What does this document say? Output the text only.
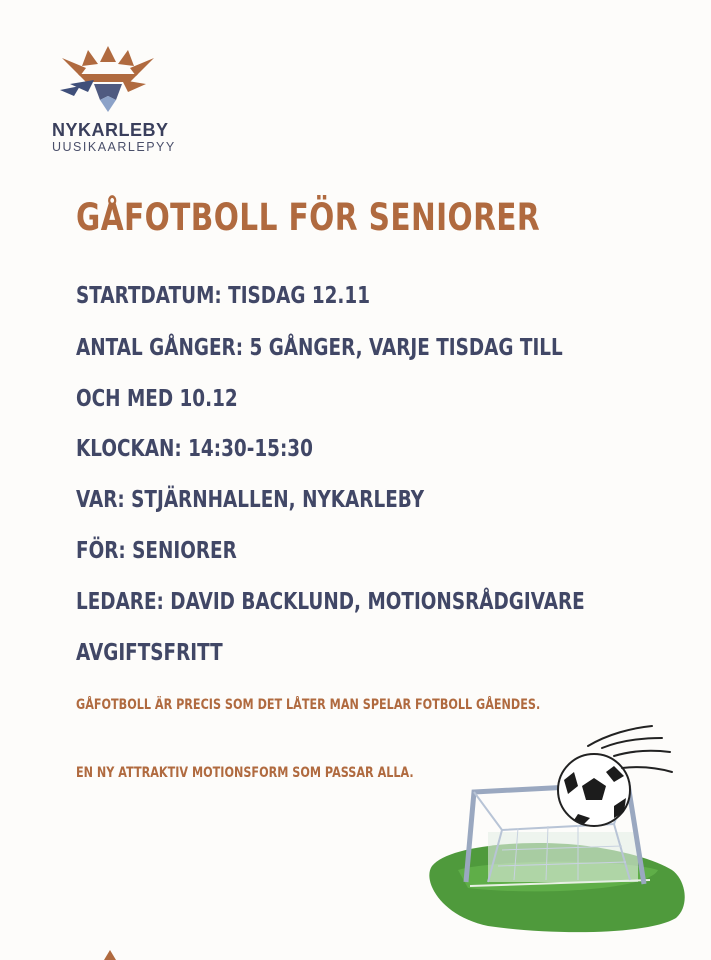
NYKARLEBY
UUSIKAARLEPYY
GÅFOTBOLL FÖR SENIORER

STARTDATUM: TISDAG 12.11

ANTAL GÅNGER: 5 GÅNGER, VARJE TISDAG TILL

OCH MED 10.12

KLOCKAN: 14:30-15:30

VAR: STJÄRNHALLEN, NYKARLEBY

FÖR: SENIORER

LEDARE: DAVID BACKLUND, MOTIONSRÅDGIVARE

AVGIFTSFRITT

GÅFOTBOLL ÄR PRECIS SOM DET LÅTER MAN SPELAR FOTBOLL GÅENDES.

EN NY ATTRAKTIV MOTIONSFORM SOM PASSAR ALLA.
